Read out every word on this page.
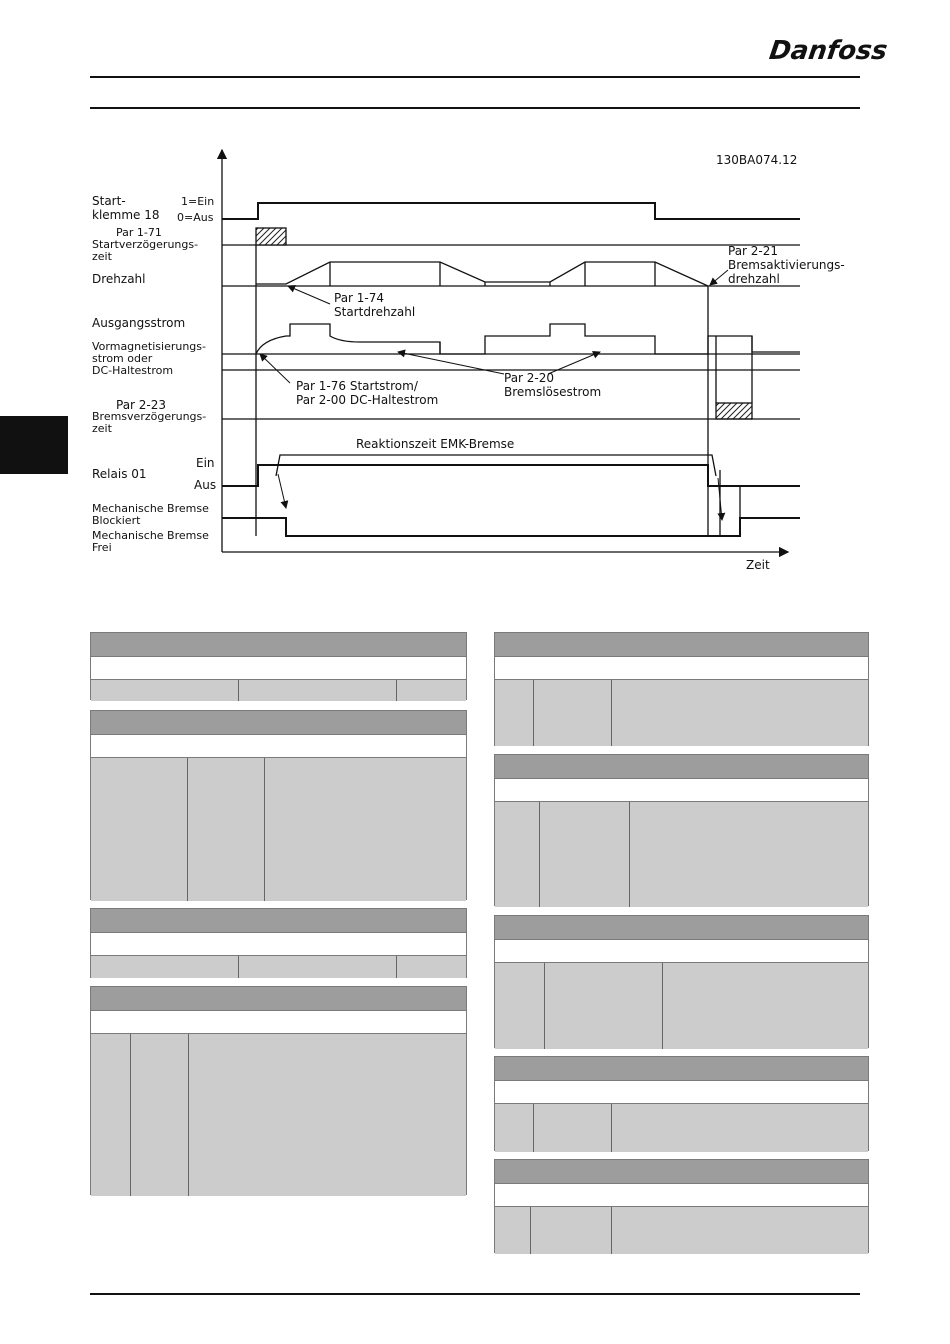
Danfoss
130BA074.12
Start-
klemme 18
1=Ein
0=Aus
Par 1-71
Startverzögerungs-
zeit
Drehzahl
Ausgangsstrom
Vormagnetisierungs-
strom oder
DC-Haltestrom
Par 2-23
Bremsverzögerungs-
zeit
Ein
Relais 01
Aus
Mechanische Bremse
Blockiert
Mechanische Bremse
Frei
Zeit
Reaktionszeit EMK-Bremse
Par 1-74
Startdrehzahl
Par 1-76 Startstrom/
Par 2-00 DC-Haltestrom
Par 2-20
Bremslösestrom
Par 2-21
Bremsaktivierungs-
drehzahl
